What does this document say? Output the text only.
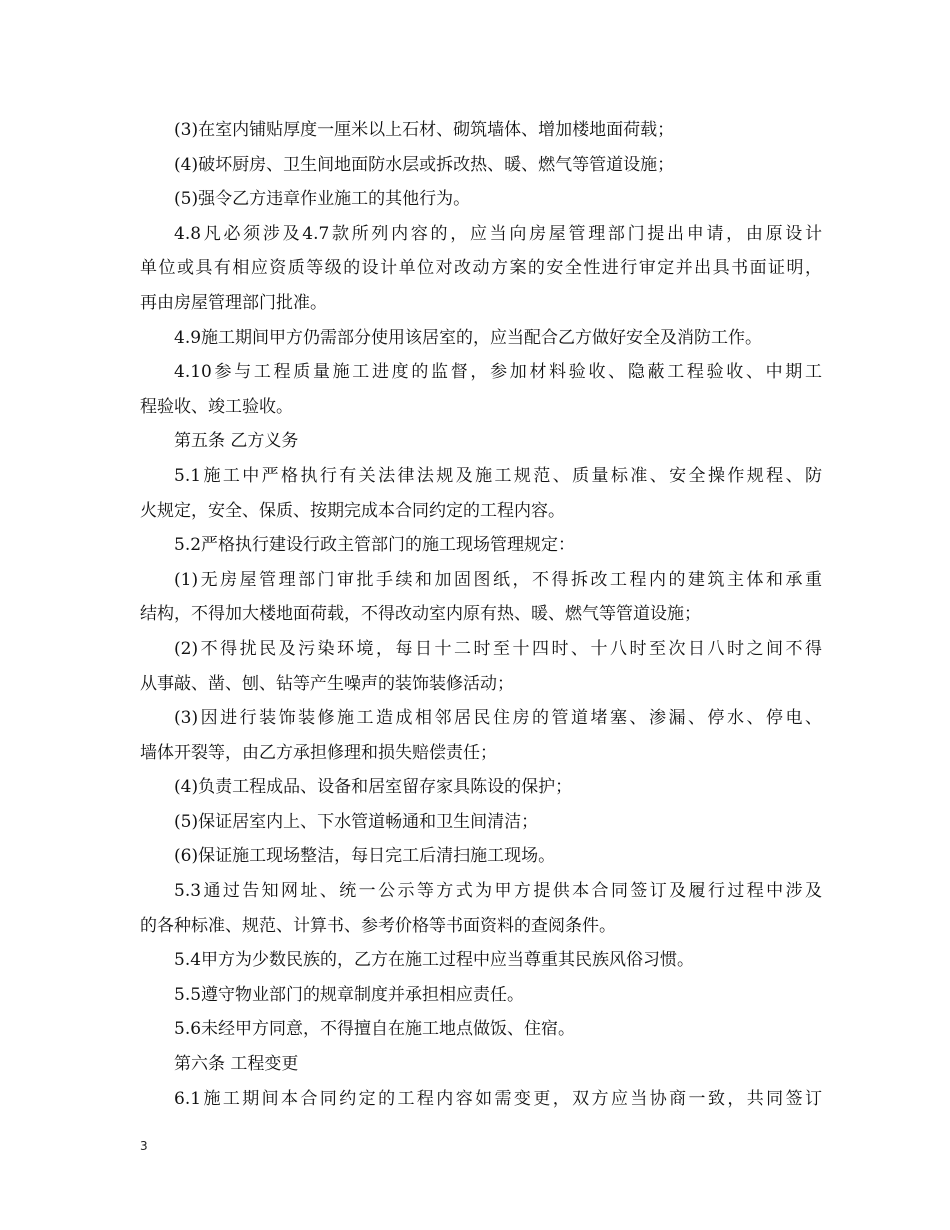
(3)在室内铺贴厚度一厘米以上石材、砌筑墙体、增加楼地面荷载；
(4)破坏厨房、卫生间地面防水层或拆改热、暖、燃气等管道设施；
(5)强令乙方违章作业施工的其他行为。
4.8凡必须涉及4.7款所列内容的，应当向房屋管理部门提出申请，由原设计
单位或具有相应资质等级的设计单位对改动方案的安全性进行审定并出具书面证明，
再由房屋管理部门批准。
4.9施工期间甲方仍需部分使用该居室的，应当配合乙方做好安全及消防工作。
4.10参与工程质量施工进度的监督，参加材料验收、隐蔽工程验收、中期工
程验收、竣工验收。
第五条 乙方义务
5.1施工中严格执行有关法律法规及施工规范、质量标准、安全操作规程、防
火规定，安全、保质、按期完成本合同约定的工程内容。
5.2严格执行建设行政主管部门的施工现场管理规定：
(1)无房屋管理部门审批手续和加固图纸，不得拆改工程内的建筑主体和承重
结构，不得加大楼地面荷载，不得改动室内原有热、暖、燃气等管道设施；
(2)不得扰民及污染环境，每日十二时至十四时、十八时至次日八时之间不得
从事敲、凿、刨、钻等产生噪声的装饰装修活动；
(3)因进行装饰装修施工造成相邻居民住房的管道堵塞、渗漏、停水、停电、
墙体开裂等，由乙方承担修理和损失赔偿责任；
(4)负责工程成品、设备和居室留存家具陈设的保护；
(5)保证居室内上、下水管道畅通和卫生间清洁；
(6)保证施工现场整洁，每日完工后清扫施工现场。
5.3通过告知网址、统一公示等方式为甲方提供本合同签订及履行过程中涉及
的各种标准、规范、计算书、参考价格等书面资料的查阅条件。
5.4甲方为少数民族的，乙方在施工过程中应当尊重其民族风俗习惯。
5.5遵守物业部门的规章制度并承担相应责任。
5.6未经甲方同意，不得擅自在施工地点做饭、住宿。
第六条 工程变更
6.1施工期间本合同约定的工程内容如需变更，双方应当协商一致，共同签订
3
